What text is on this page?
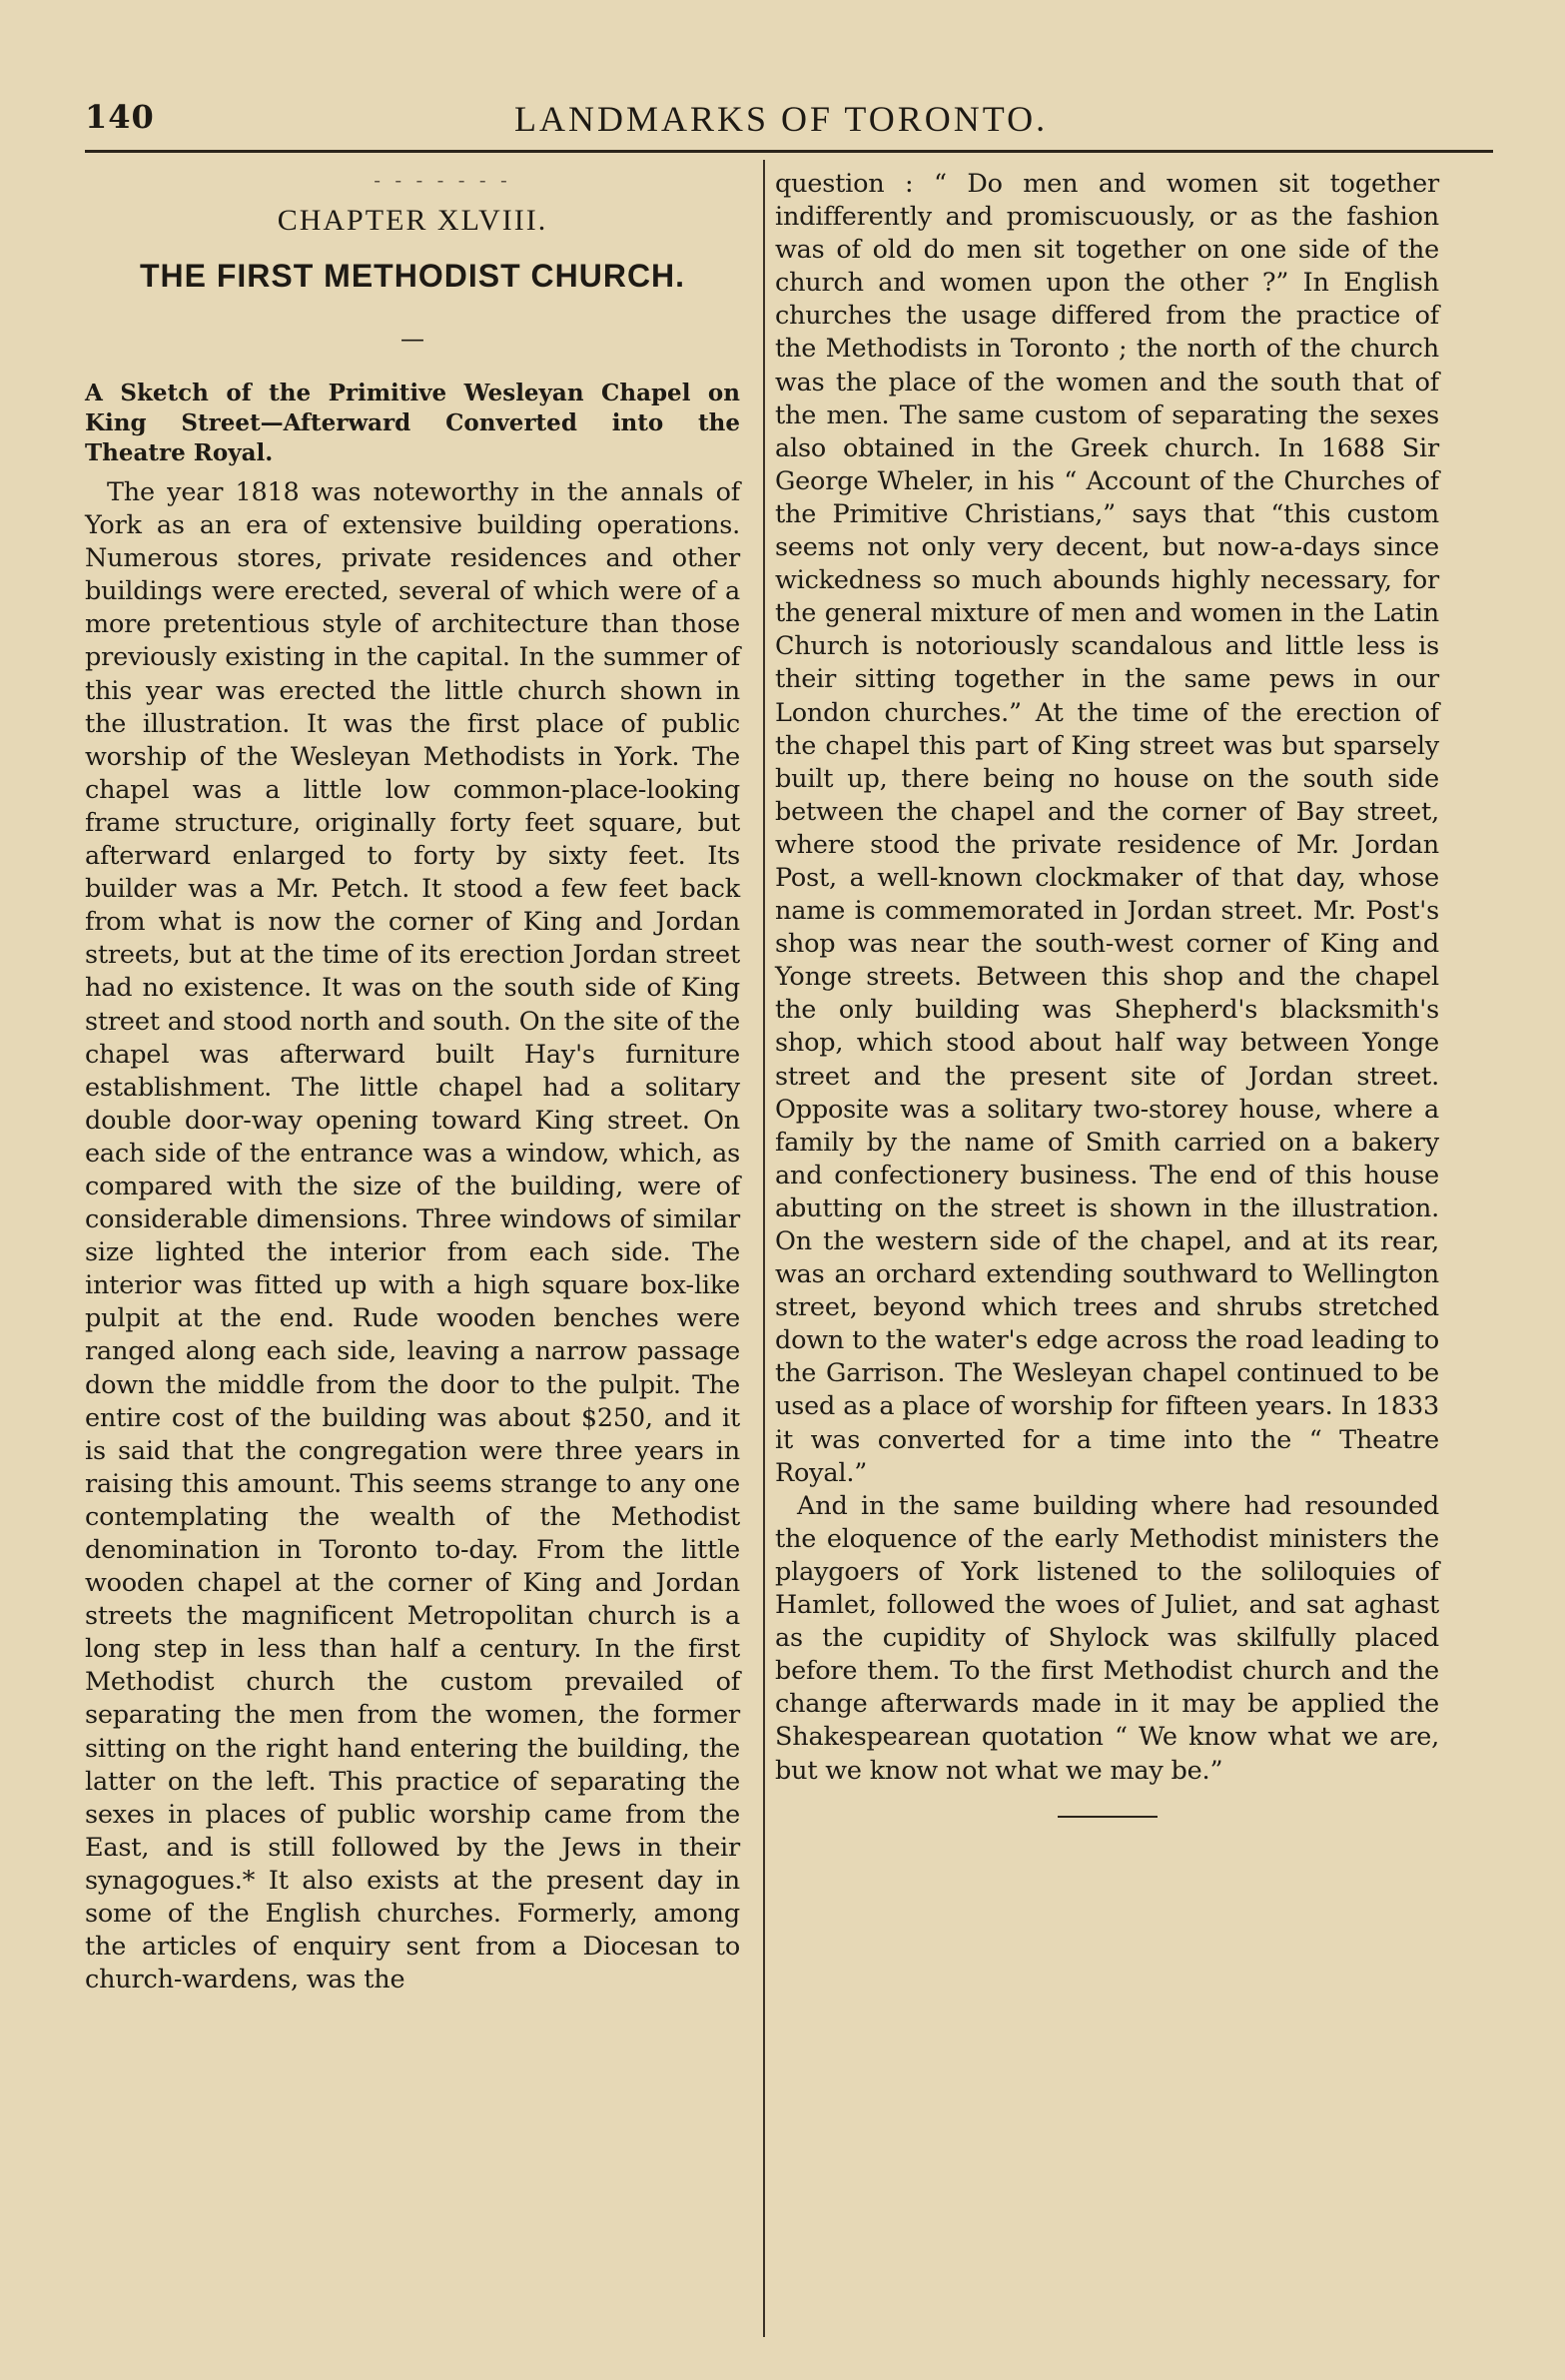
140	LANDMARKS OF TORONTO.
- - - - - - -
CHAPTER XLVIII.
THE FIRST METHODIST CHURCH.
—
A Sketch of the Primitive Wesleyan Chapel on King Street—Afterward Converted into the Theatre Royal.

The year 1818 was noteworthy in the annals of York as an era of extensive building operations. Numerous stores, private residences and other buildings were erected, several of which were of a more pretentious style of architecture than those previously existing in the capital. In the summer of this year was erected the little church shown in the illustration. It was the first place of public worship of the Wesleyan Methodists in York. The chapel was a little low common-place-looking frame structure, originally forty feet square, but afterward enlarged to forty by sixty feet. Its builder was a Mr. Petch. It stood a few feet back from what is now the corner of King and Jordan streets, but at the time of its erection Jordan street had no existence. It was on the south side of King street and stood north and south. On the site of the chapel was afterward built Hay's furniture establishment. The little chapel had a solitary double door-way opening toward King street. On each side of the entrance was a window, which, as compared with the size of the building, were of considerable dimensions. Three windows of similar size lighted the interior from each side. The interior was fitted up with a high square box-like pulpit at the end. Rude wooden benches were ranged along each side, leaving a narrow passage down the middle from the door to the pulpit. The entire cost of the building was about $250, and it is said that the congregation were three years in raising this amount. This seems strange to any one contemplating the wealth of the Methodist denomination in Toronto to-day. From the little wooden chapel at the corner of King and Jordan streets the magnificent Metropolitan church is a long step in less than half a century. In the first Methodist church the custom prevailed of separating the men from the women, the former sitting on the right hand entering the building, the latter on the left. This practice of separating the sexes in places of public worship came from the East, and is still followed by the Jews in their synagogues.* It also exists at the present day in some of the English churches. Formerly, among the articles of enquiry sent from a Diocesan to church-wardens, was the

question : “ Do men and women sit together indifferently and promiscuously, or as the fashion was of old do men sit together on one side of the church and women upon the other ?” In English churches the usage differed from the practice of the Methodists in Toronto ; the north of the church was the place of the women and the south that of the men. The same custom of separating the sexes also obtained in the Greek church. In 1688 Sir George Wheler, in his “ Account of the Churches of the Primitive Christians,” says that “this custom seems not only very decent, but now-a-days since wickedness so much abounds highly necessary, for the general mixture of men and women in the Latin Church is notoriously scandalous and little less is their sitting together in the same pews in our London churches.” At the time of the erection of the chapel this part of King street was but sparsely built up, there being no house on the south side between the chapel and the corner of Bay street, where stood the private residence of Mr. Jordan Post, a well-known clockmaker of that day, whose name is commemorated in Jordan street. Mr. Post's shop was near the south-west corner of King and Yonge streets. Between this shop and the chapel the only building was Shepherd's blacksmith's shop, which stood about half way between Yonge street and the present site of Jordan street. Opposite was a solitary two-storey house, where a family by the name of Smith carried on a bakery and confectionery business. The end of this house abutting on the street is shown in the illustration. On the western side of the chapel, and at its rear, was an orchard extending southward to Wellington street, beyond which trees and shrubs stretched down to the water's edge across the road leading to the Garrison. The Wesleyan chapel continued to be used as a place of worship for fifteen years. In 1833 it was converted for a time into the “ Theatre Royal.”

And in the same building where had resounded the eloquence of the early Methodist ministers the playgoers of York listened to the soliloquies of Hamlet, followed the woes of Juliet, and sat aghast as the cupidity of Shylock was skilfully placed before them. To the first Methodist church and the change afterwards made in it may be applied the Shakespearean quotation “ We know what we are, but we know not what we may be.”
